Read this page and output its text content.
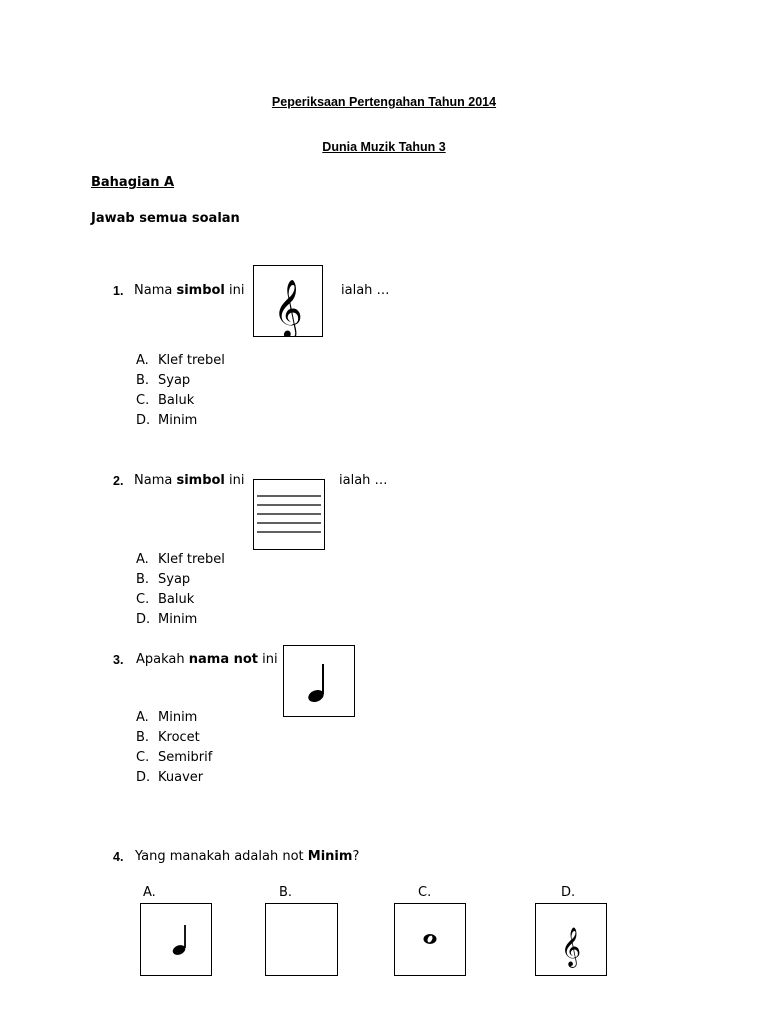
Peperiksaan Pertengahan Tahun 2014
Dunia Muzik Tahun 3
Bahagian A
Jawab semua soalan
1. Nama simbol ini 𝄞	ialah …
A. Klef trebel
B. Syap
C. Baluk
D. Minim
2. Nama simbol ini	ialah …
A. Klef trebel
B. Syap
C. Baluk
D. Minim
3. Apakah nama not ini
A. Minim
B. Krocet
C. Semibrif
D. Kuaver
4. Yang manakah adalah not Minim?
A.	B.	C.	D.
𝄞
